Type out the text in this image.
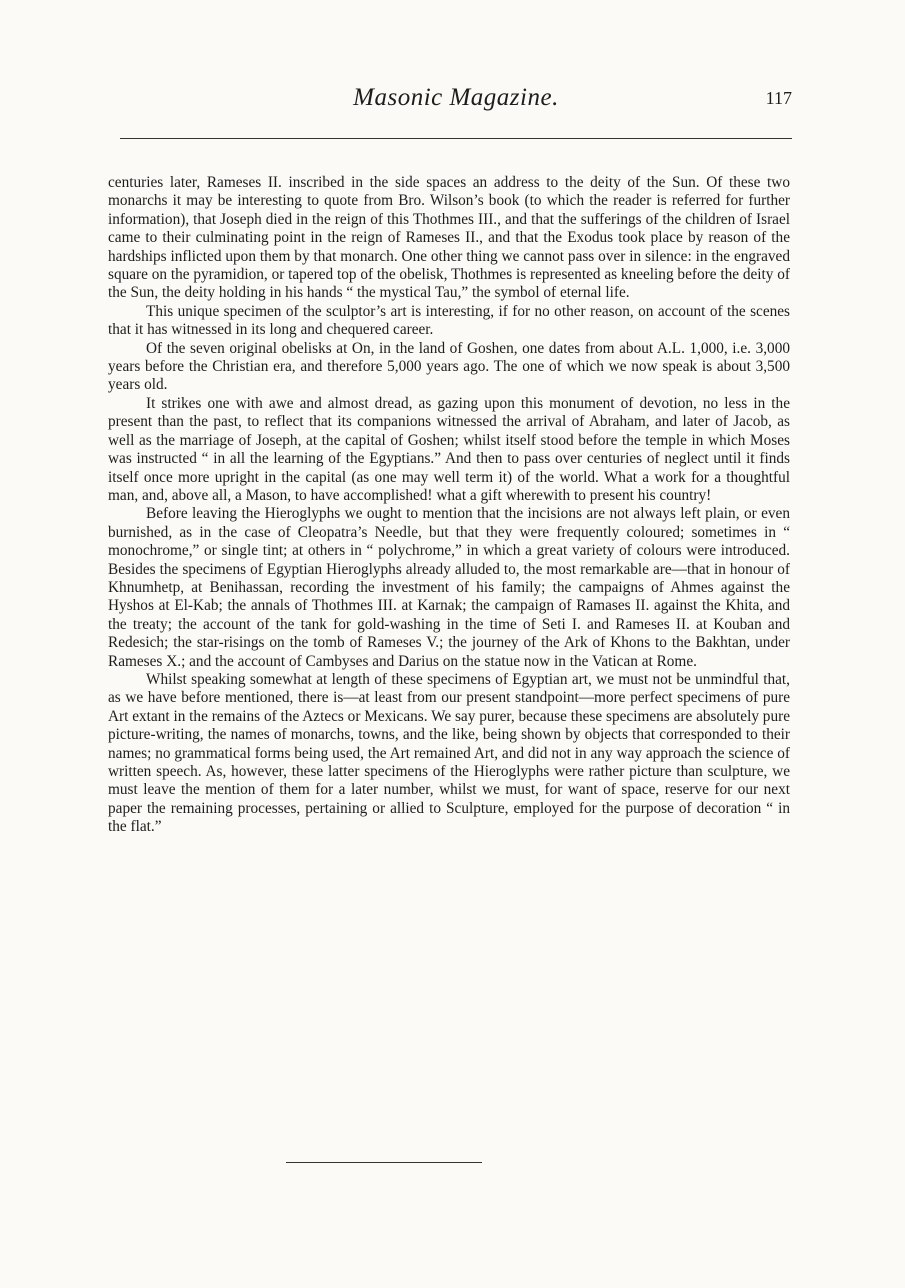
Masonic Magazine.	117

centuries later, Rameses II. inscribed in the side spaces an address to the deity of the Sun. Of these two monarchs it may be interesting to quote from Bro. Wilson’s book (to which the reader is referred for further information), that Joseph died in the reign of this Thothmes III., and that the sufferings of the children of Israel came to their culminating point in the reign of Rameses II., and that the Exodus took place by reason of the hardships inflicted upon them by that monarch. One other thing we cannot pass over in silence: in the engraved square on the pyramidion, or tapered top of the obelisk, Thothmes is represented as kneeling before the deity of the Sun, the deity holding in his hands “ the mystical Tau,” the symbol of eternal life.

This unique specimen of the sculptor’s art is interesting, if for no other reason, on account of the scenes that it has witnessed in its long and chequered career.

Of the seven original obelisks at On, in the land of Goshen, one dates from about A.L. 1,000, i.e. 3,000 years before the Christian era, and therefore 5,000 years ago. The one of which we now speak is about 3,500 years old.

It strikes one with awe and almost dread, as gazing upon this monument of devotion, no less in the present than the past, to reflect that its companions witnessed the arrival of Abraham, and later of Jacob, as well as the marriage of Joseph, at the capital of Goshen; whilst itself stood before the temple in which Moses was instructed “ in all the learning of the Egyptians.” And then to pass over centuries of neglect until it finds itself once more upright in the capital (as one may well term it) of the world. What a work for a thoughtful man, and, above all, a Mason, to have accomplished! what a gift wherewith to present his country!

Before leaving the Hieroglyphs we ought to mention that the incisions are not always left plain, or even burnished, as in the case of Cleopatra’s Needle, but that they were frequently coloured; sometimes in “ monochrome,” or single tint; at others in “ polychrome,” in which a great variety of colours were introduced. Besides the specimens of Egyptian Hieroglyphs already alluded to, the most remarkable are—that in honour of Khnumhetp, at Benihassan, recording the investment of his family; the campaigns of Ahmes against the Hyshos at El-Kab; the annals of Thothmes III. at Karnak; the campaign of Ramases II. against the Khita, and the treaty; the account of the tank for gold-washing in the time of Seti I. and Rameses II. at Kouban and Redesich; the star-risings on the tomb of Rameses V.; the journey of the Ark of Khons to the Bakhtan, under Rameses X.; and the account of Cambyses and Darius on the statue now in the Vatican at Rome.

Whilst speaking somewhat at length of these specimens of Egyptian art, we must not be unmindful that, as we have before mentioned, there is—at least from our present standpoint—more perfect specimens of pure Art extant in the remains of the Aztecs or Mexicans. We say purer, because these specimens are absolutely pure picture-writing, the names of monarchs, towns, and the like, being shown by objects that corresponded to their names; no grammatical forms being used, the Art remained Art, and did not in any way approach the science of written speech. As, however, these latter specimens of the Hieroglyphs were rather picture than sculpture, we must leave the mention of them for a later number, whilst we must, for want of space, reserve for our next paper the remaining processes, pertaining or allied to Sculpture, employed for the purpose of decoration “ in the flat.”
